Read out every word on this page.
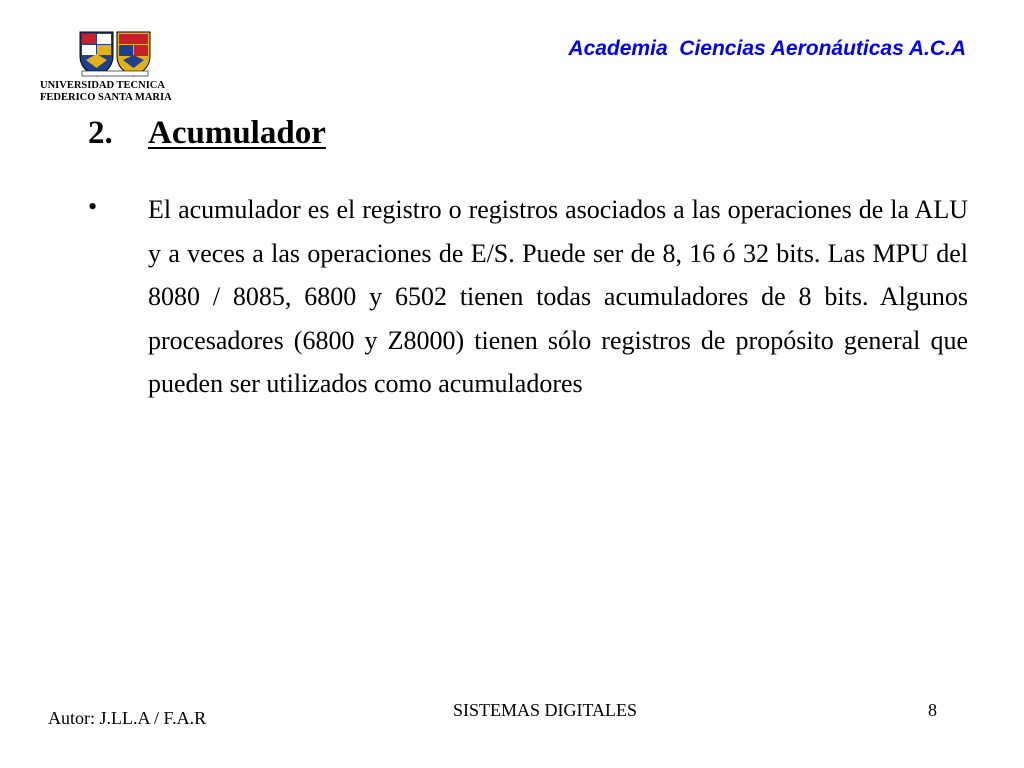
UNIVERSIDAD TECNICA
FEDERICO SANTA MARIA
Academia  Ciencias Aeronáuticas A.C.A
2. Acumulador
• El acumulador es el registro o registros asociados a las operaciones de la ALU y a veces a las operaciones de E/S. Puede ser de 8, 16 ó 32 bits. Las MPU del 8080 / 8085, 6800 y 6502 tienen todas acumuladores de 8 bits. Algunos procesadores (6800 y Z8000) tienen sólo registros de propósito general que pueden ser utilizados como acumuladores
Autor: J.LL.A / F.A.R	SISTEMAS DIGITALES	8
